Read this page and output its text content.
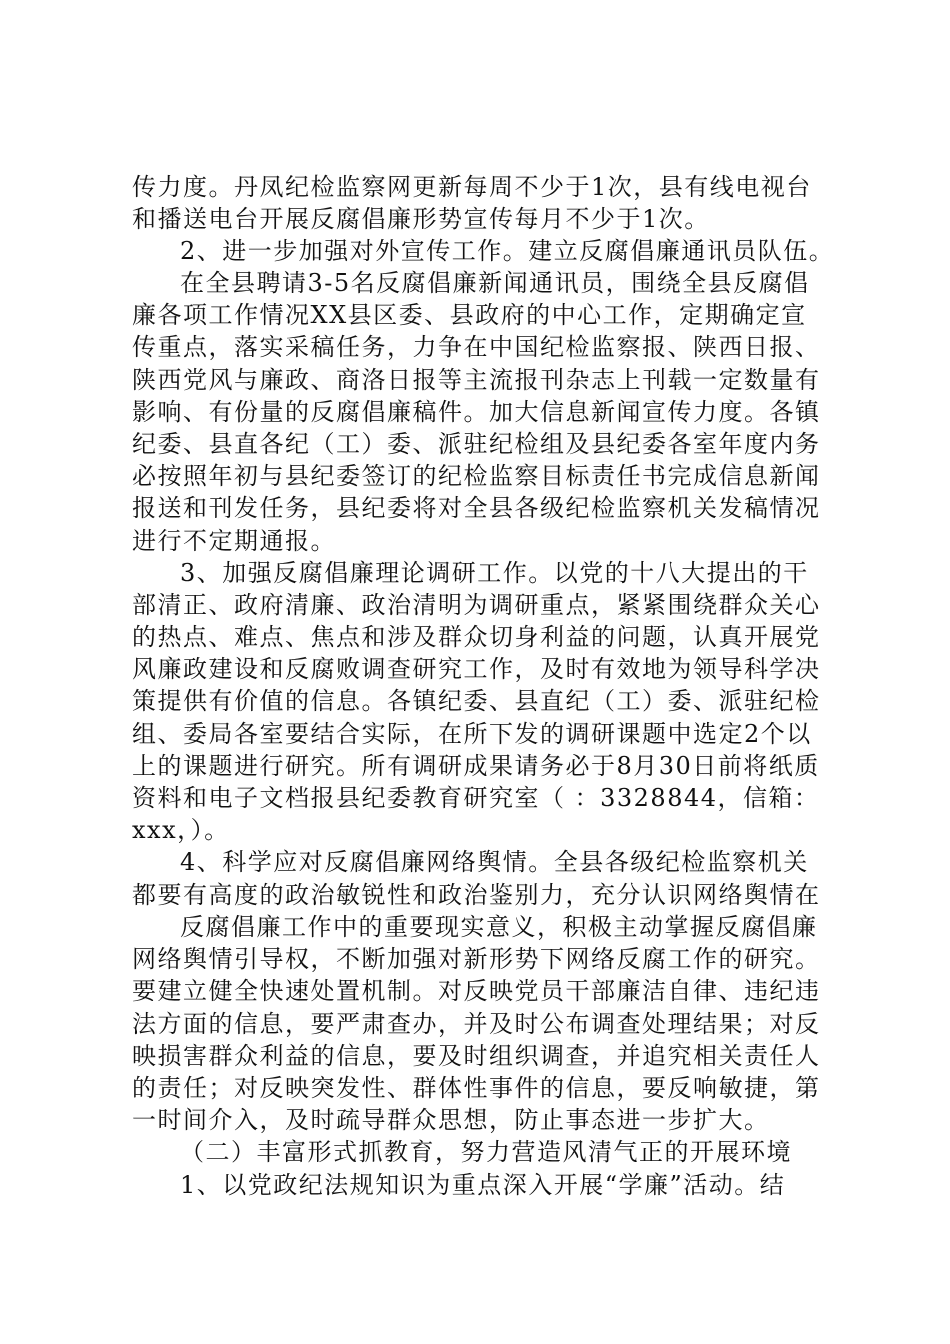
传力度。丹凤纪检监察网更新每周不少于1次，县有线电视台
和播送电台开展反腐倡廉形势宣传每月不少于1次。
2、进一步加强对外宣传工作。建立反腐倡廉通讯员队伍。
在全县聘请3-5名反腐倡廉新闻通讯员，围绕全县反腐倡
廉各项工作情况XX县区委、县政府的中心工作，定期确定宣
传重点，落实采稿任务，力争在中国纪检监察报、陕西日报、
陕西党风与廉政、商洛日报等主流报刊杂志上刊载一定数量有
影响、有份量的反腐倡廉稿件。加大信息新闻宣传力度。各镇
纪委、县直各纪（工）委、派驻纪检组及县纪委各室年度内务
必按照年初与县纪委签订的纪检监察目标责任书完成信息新闻
报送和刊发任务，县纪委将对全县各级纪检监察机关发稿情况
进行不定期通报。
3、加强反腐倡廉理论调研工作。以党的十八大提出的干
部清正、政府清廉、政治清明为调研重点，紧紧围绕群众关心
的热点、难点、焦点和涉及群众切身利益的问题，认真开展党
风廉政建设和反腐败调查研究工作，及时有效地为领导科学决
策提供有价值的信息。各镇纪委、县直纪（工）委、派驻纪检
组、委局各室要结合实际，在所下发的调研课题中选定2个以
上的课题进行研究。所有调研成果请务必于8月30日前将纸质
资料和电子文档报县纪委教育研究室（ ：3328844，信箱：
xxx，）。
4、科学应对反腐倡廉网络舆情。全县各级纪检监察机关
都要有高度的政治敏锐性和政治鉴别力，充分认识网络舆情在
反腐倡廉工作中的重要现实意义，积极主动掌握反腐倡廉
网络舆情引导权，不断加强对新形势下网络反腐工作的研究。
要建立健全快速处置机制。对反映党员干部廉洁自律、违纪违
法方面的信息，要严肃查办，并及时公布调查处理结果；对反
映损害群众利益的信息，要及时组织调查，并追究相关责任人
的责任；对反映突发性、群体性事件的信息，要反响敏捷，第
一时间介入，及时疏导群众思想，防止事态进一步扩大。
（二）丰富形式抓教育，努力营造风清气正的开展环境
1、以党政纪法规知识为重点深入开展“学廉”活动。结
